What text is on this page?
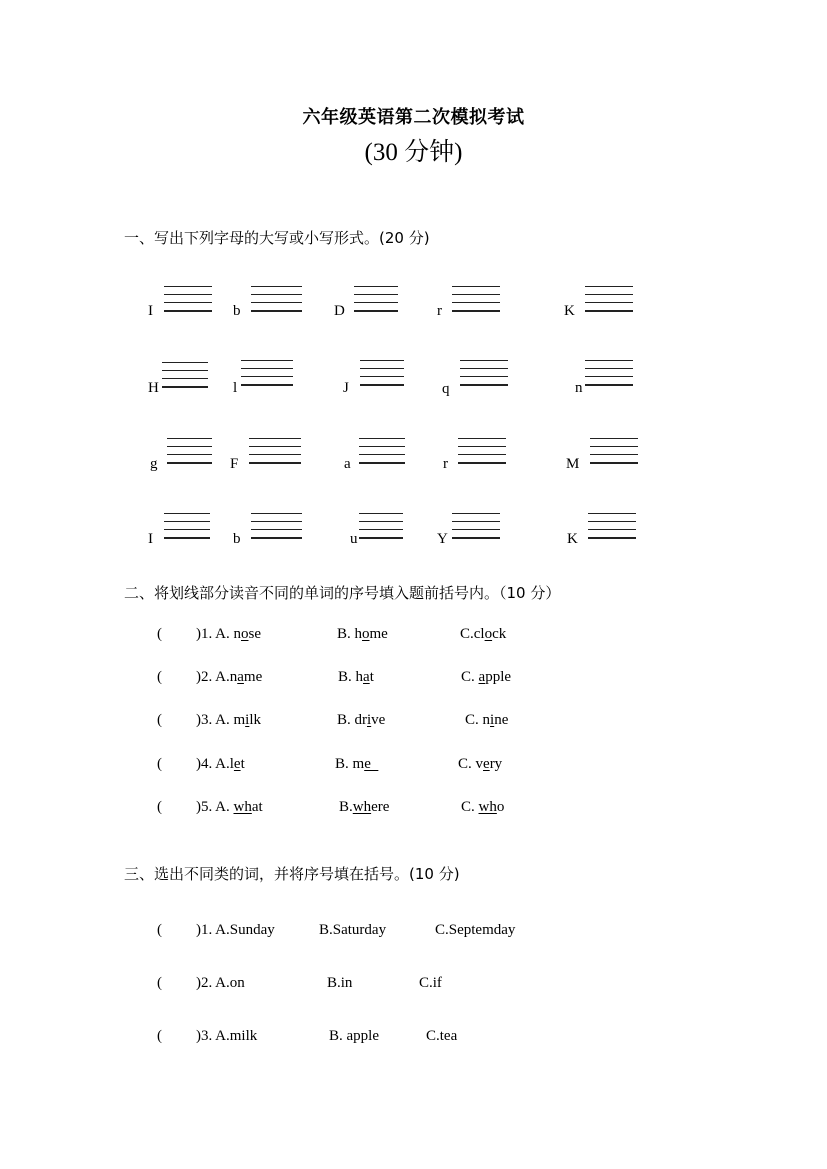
六年级英语第二次模拟考试
(30 分钟)
一、写出下列字母的大写或小写形式。(20 分)
I	b	D	r	K
H	l	J	q	n
g	F	a	r	M
I	b	u	Y	K
二、将划线部分读音不同的单词的序号填入题前括号内。（10 分）
( )1. A. nose	B. home	C.clock
( )2. A.name	B. hat	C. apple
( )3. A. milk	B. drive	C. nine
( )4. A.let	B. me	C. very
( )5. A. what	B.where	C. who
三、选出不同类的词，并将序号填在括号。(10 分)
( )1. A.Sunday	B.Saturday	C.Septemday
( )2. A.on	B.in	C.if
( )3. A.milk	B. apple	C.tea
